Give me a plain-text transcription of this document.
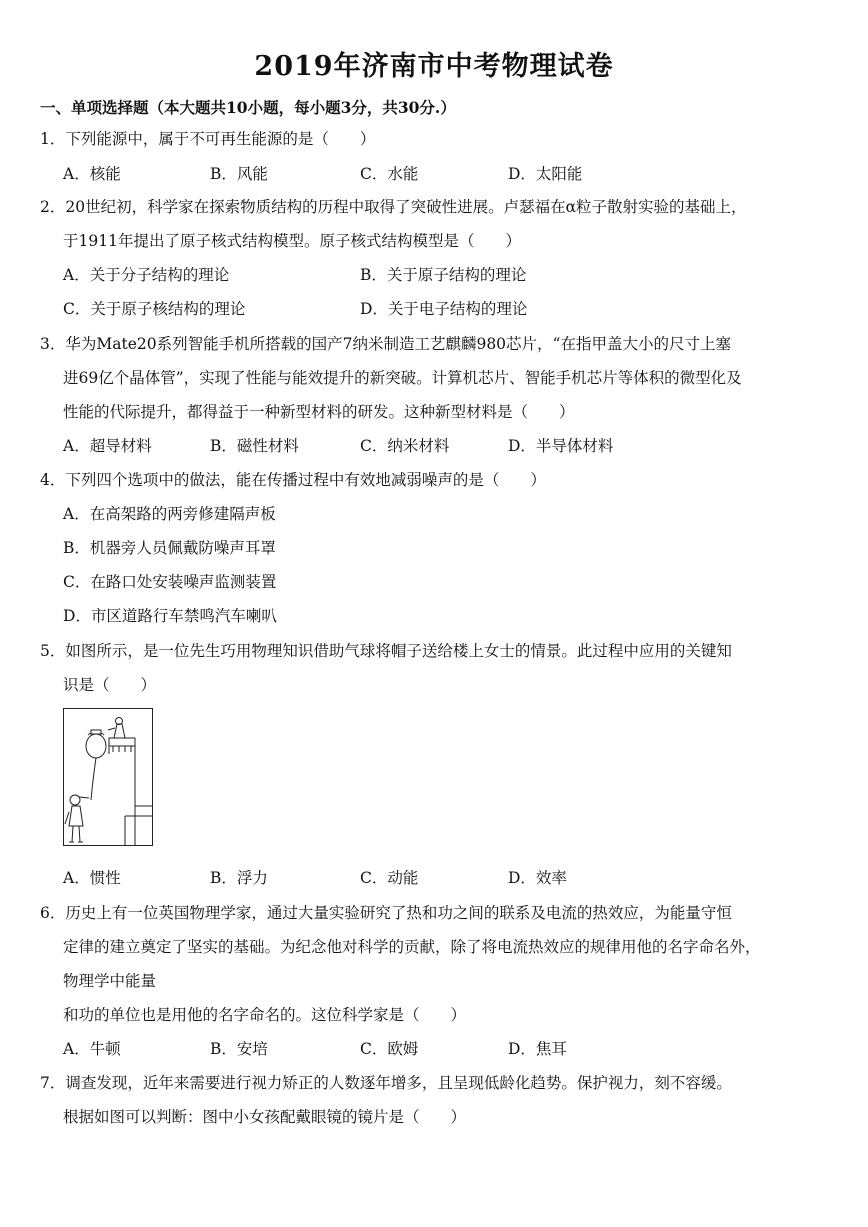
2019年济南市中考物理试卷
一、单项选择题（本大题共10小题，每小题3分，共30分.）
1．下列能源中，属于不可再生能源的是（　　）
A．核能	B．风能	C．水能	D．太阳能
2．20世纪初，科学家在探索物质结构的历程中取得了突破性进展。卢瑟福在α粒子散射实验的基础上，
于1911年提出了原子核式结构模型。原子核式结构模型是（　　）
A．关于分子结构的理论	B．关于原子结构的理论
C．关于原子核结构的理论	D．关于电子结构的理论
3．华为Mate20系列智能手机所搭载的国产7纳米制造工艺麒麟980芯片，“在指甲盖大小的尺寸上塞
进69亿个晶体管”，实现了性能与能效提升的新突破。计算机芯片、智能手机芯片等体积的微型化及
性能的代际提升，都得益于一种新型材料的研发。这种新型材料是（　　）
A．超导材料	B．磁性材料	C．纳米材料	D．半导体材料
4．下列四个选项中的做法，能在传播过程中有效地减弱噪声的是（　　）
A．在高架路的两旁修建隔声板
B．机器旁人员佩戴防噪声耳罩
C．在路口处安装噪声监测装置
D．市区道路行车禁鸣汽车喇叭
5．如图所示，是一位先生巧用物理知识借助气球将帽子送给楼上女士的情景。此过程中应用的关键知
识是（　　）
A．惯性	B．浮力	C．动能	D．效率
6．历史上有一位英国物理学家，通过大量实验研究了热和功之间的联系及电流的热效应，为能量守恒
定律的建立奠定了坚实的基础。为纪念他对科学的贡献，除了将电流热效应的规律用他的名字命名外，
物理学中能量
和功的单位也是用他的名字命名的。这位科学家是（　　）
A．牛顿	B．安培	C．欧姆	D．焦耳
7．调查发现，近年来需要进行视力矫正的人数逐年增多，且呈现低龄化趋势。保护视力，刻不容缓。
根据如图可以判断：图中小女孩配戴眼镜的镜片是（　　）
